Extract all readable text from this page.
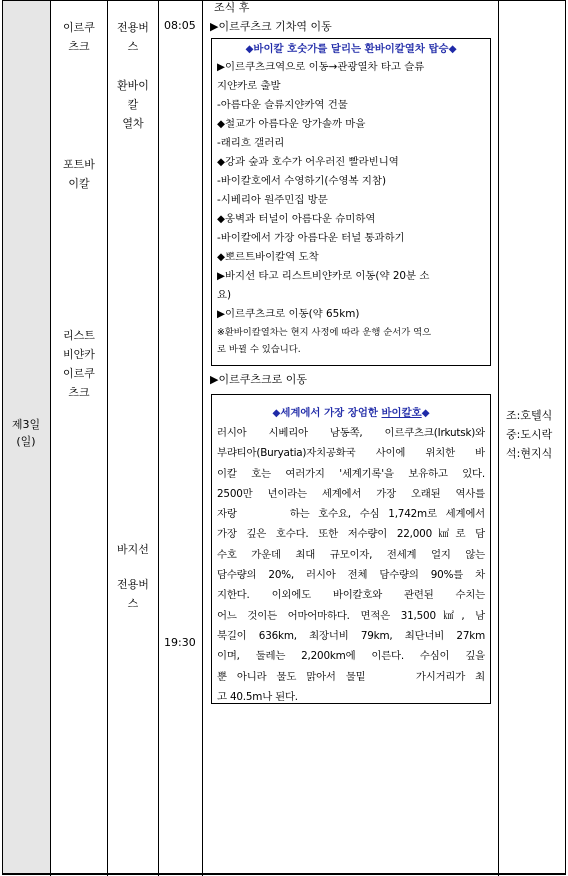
제3일
(일)
이르쿠
츠크
포트바
이칼
리스트
비얀카
이르쿠
츠크
전용버
스
환바이
칼
열차
바지선
전용버
스
08:05
19:30
조식 후
▶이르쿠츠크 기차역 이동
◆바이칼 호숫가를 달리는 환바이칼열차 탑승◆
▶이르쿠츠크역으로 이동→관광열차 타고 슬류
지얀카로 출발
-아름다운 슬류지얀카역 건물
◆철교가 아름다운 앙가솔까 마을
-래리흐 갤러리
◆강과 숲과 호수가 어우러진 빨라빈니역
-바이칼호에서 수영하기(수영복 지참)
-시베리아 원주민집 방문
◆옹벽과 터널이 아름다운 슈미하역
-바이칼에서 가장 아름다운 터널 통과하기
◆뽀르트바이칼역 도착
▶바지선 타고 리스트비얀카로 이동(약 20분 소
요)
▶이르쿠츠크로 이동(약 65km)
※환바이칼열차는 현지 사정에 따라 운행 순서가 역으
로 바뀔 수 있습니다.
▶이르쿠츠크로 이동
◆세계에서 가장 장엄한 바이칼호◆
러시아 시베리아 남동쪽, 이르쿠츠크(Irkutsk)와
부랴티아(Buryatia)자치공화국 사이에 위치한 바
이칼 호는 여러가지 '세계기록'을 보유하고 있다.
2500만 년이라는 세계에서 가장 오래된 역사를
자랑      하는 호수요, 수심 1,742m로 세계에서
가장 깊은 호수다. 또한 저수량이 22,000㎦로 담
수호 가운데 최대 규모이자, 전세계 얼지 않는
담수량의 20%, 러시아 전체 담수량의 90%를 차
지한다. 이외에도 바이칼호와 관련된 수치는
어느 것이든 어마어마하다. 면적은 31,500㎢, 남
북길이 636km, 최장너비 79km, 최단너비 27km
이며, 둘레는 2,200km에 이른다. 수심이 깊을
뿐 아니라 물도 맑아서 물밑     가시거리가 최
고 40.5m나 된다.
조:호텔식
중:도시락
석:현지식
